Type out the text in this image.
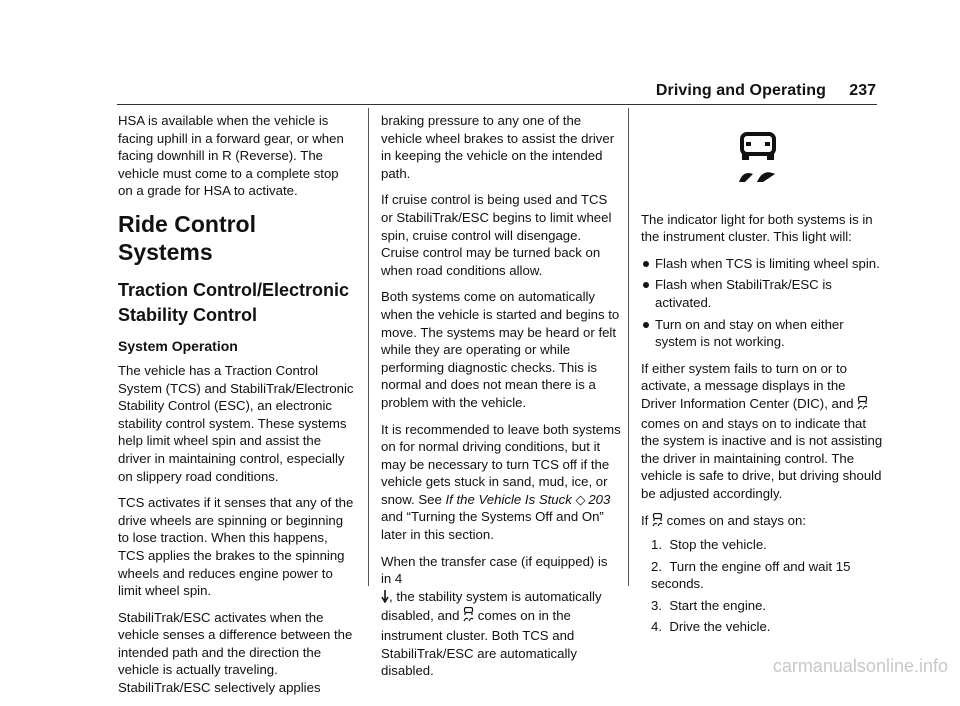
Driving and Operating 237

HSA is available when the vehicle is facing uphill in a forward gear, or when facing downhill in R (Reverse). The vehicle must come to a complete stop on a grade for HSA to activate.

Ride Control Systems
Traction Control/Electronic
Stability Control
System Operation

The vehicle has a Traction Control System (TCS) and StabiliTrak/Electronic Stability Control (ESC), an electronic stability control system. These systems help limit wheel spin and assist the driver in maintaining control, especially on slippery road conditions.

TCS activates if it senses that any of the drive wheels are spinning or beginning to lose traction. When this happens, TCS applies the brakes to the spinning wheels and reduces engine power to limit wheel spin.

StabiliTrak/ESC activates when the vehicle senses a difference between the intended path and the direction the vehicle is actually traveling. StabiliTrak/ESC selectively applies

braking pressure to any one of the vehicle wheel brakes to assist the driver in keeping the vehicle on the intended path.

If cruise control is being used and TCS or StabiliTrak/ESC begins to limit wheel spin, cruise control will disengage. Cruise control may be turned back on when road conditions allow.

Both systems come on automatically when the vehicle is started and begins to move. The systems may be heard or felt while they are operating or while performing diagnostic checks. This is normal and does not mean there is a problem with the vehicle.

It is recommended to leave both systems on for normal driving conditions, but it may be necessary to turn TCS off if the vehicle gets stuck in sand, mud, ice, or snow. See If the Vehicle Is Stuck ◇  203 and “Turning the Systems Off and On” later in this section.

When the transfer case (if equipped) is in 4
, the stability system is automatically disabled, and  comes on in the instrument cluster. Both TCS and StabiliTrak/ESC are automatically disabled.

The indicator light for both systems is in the instrument cluster. This light will:

Flash when TCS is limiting wheel spin.
Flash when StabiliTrak/ESC is activated.
Turn on and stay on when either system is not working.

If either system fails to turn on or to activate, a message displays in the Driver Information Center (DIC), and  comes on and stays on to indicate that the system is inactive and is not assisting the driver in maintaining control. The vehicle is safe to drive, but driving should be adjusted accordingly.

If  comes on and stays on:

1.  Stop the vehicle.
2.  Turn the engine off and wait 15 seconds.
3.  Start the engine.
4.  Drive the vehicle.
carmanualsonline.info
